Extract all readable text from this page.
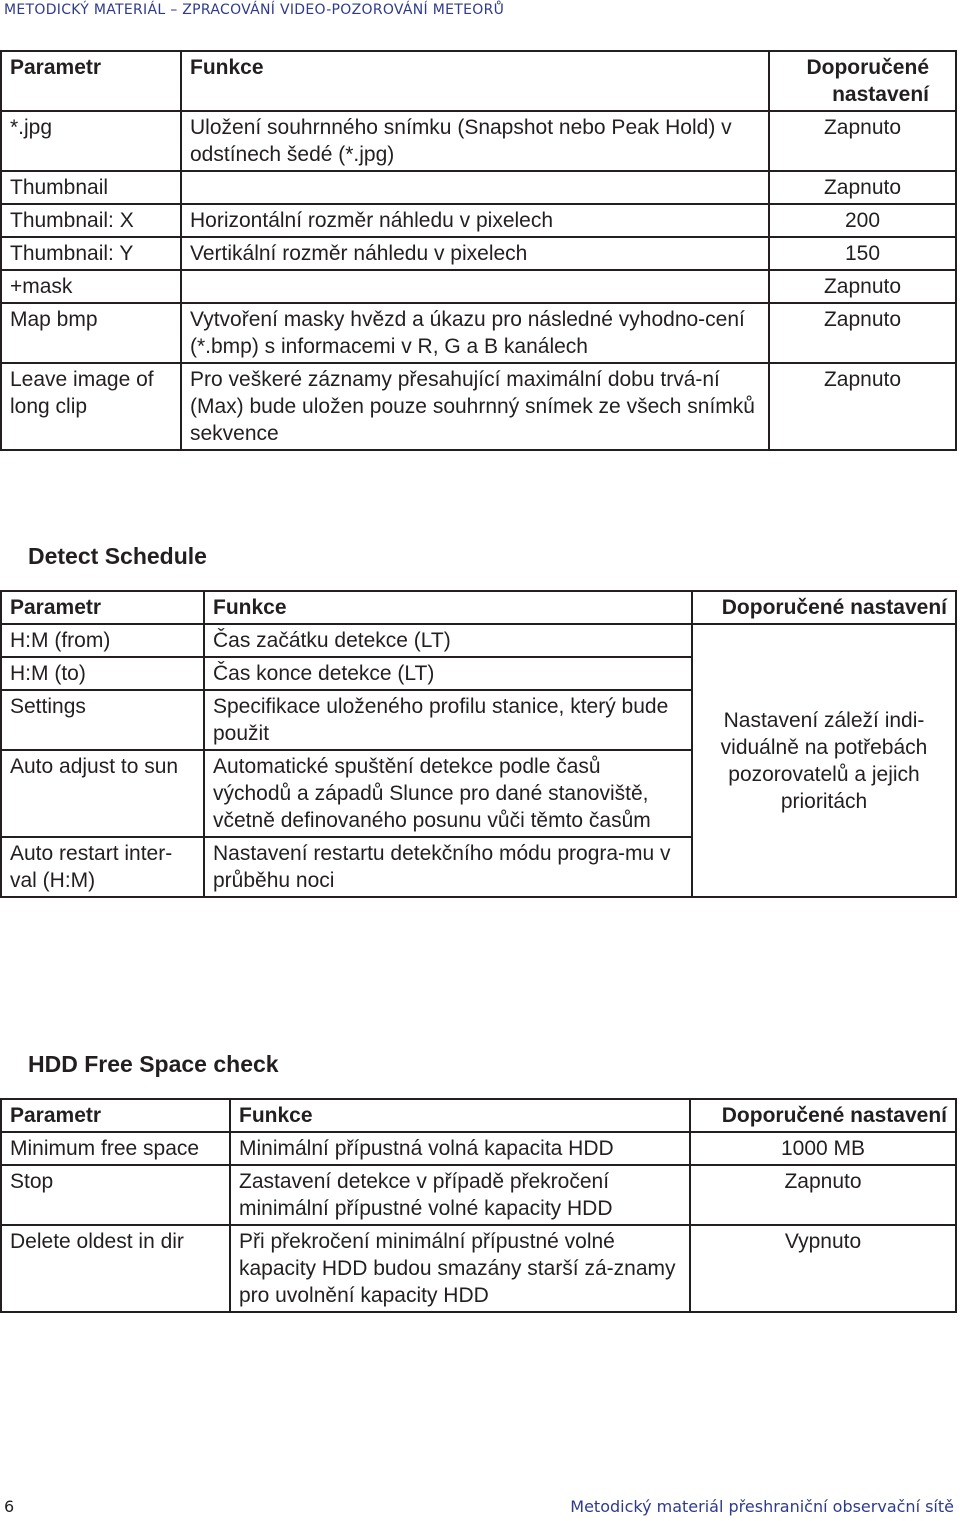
METODICKÝ MATERIÁL – ZPRACOVÁNÍ VIDEO-POZOROVÁNÍ METEORŮ
Parametr	Funkce	Doporučené nastavení
*.jpg	Uložení souhrnného snímku (Snapshot nebo Peak Hold) v odstínech šedé (*.jpg)	Zapnuto
Thumbnail		Zapnuto
Thumbnail: X	Horizontální rozměr náhledu v pixelech	200
Thumbnail: Y	Vertikální rozměr náhledu v pixelech	150
+mask		Zapnuto
Map bmp	Vytvoření masky hvězd a úkazu pro následné vyhodno-cení (*.bmp) s informacemi v R, G a B kanálech	Zapnuto
Leave image of long clip	Pro veškeré záznamy přesahující maximální dobu trvá-ní (Max) bude uložen pouze souhrnný snímek ze všech snímků sekvence	Zapnuto
Detect Schedule
Parametr	Funkce	Doporučené nastavení
H:M (from)	Čas začátku detekce (LT)	Nastavení záleží indi-viduálně na potřebách pozorovatelů a jejich prioritách
H:M (to)	Čas konce detekce (LT)	
Settings	Specifikace uloženého profilu stanice, který bude použit	
Auto adjust to sun	Automatické spuštění detekce podle časů východů a západů Slunce pro dané stanoviště, včetně definovaného posunu vůči těmto časům	
Auto restart inter-val (H:M)	Nastavení restartu detekčního módu progra-mu v průběhu noci	
HDD Free Space check
Parametr	Funkce	Doporučené nastavení
Minimum free space	Minimální přípustná volná kapacita HDD	1000 MB
Stop	Zastavení detekce v případě překročení minimální přípustné volné kapacity HDD	Zapnuto
Delete oldest in dir	Při překročení minimální přípustné volné kapacity HDD budou smazány starší zá-znamy pro uvolnění kapacity HDD	Vypnuto
6	Metodický materiál přeshraniční observační sítě
